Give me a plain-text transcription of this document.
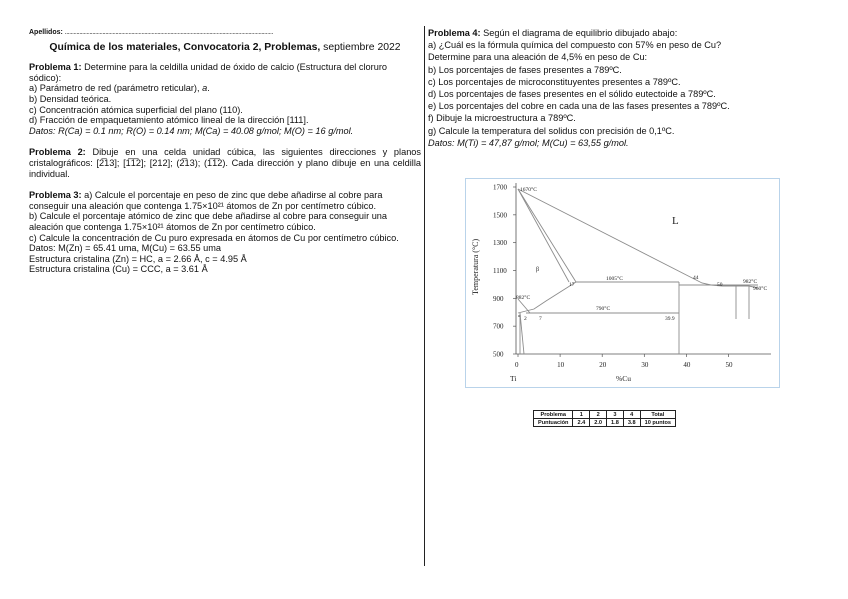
Apellidos: ................................................................................................................................................
Química de los materiales, Convocatoria 2, Problemas, septiembre 2022
Problema 1: Determine para la celdilla unidad de óxido de calcio (Estructura del cloruro sódico):
a) Parámetro de red (parámetro reticular), a.
b) Densidad teórica.
c) Concentración atómica superficial del plano (110).
d) Fracción de empaquetamiento atómico lineal de la dirección [111].
Datos: R(Ca) = 0.1 nm; R(O) = 0.14 nm; M(Ca) = 40.08 g/mol; M(O) = 16 g/mol.
Problema 2: Dibuje en una celda unidad cúbica, las siguientes direcciones y planos cristalográficos: [2̅13]; [1̅1̅2]; [212]; (2̅13); (1̅1̅2). Cada dirección y plano dibuje en una celdilla individual.
Problema 3: a) Calcule el porcentaje en peso de zinc que debe añadirse al cobre para conseguir una aleación que contenga 1.75×10²¹ átomos de Zn por centímetro cúbico.
b) Calcule el porcentaje atómico de zinc que debe añadirse al cobre para conseguir una aleación que contenga 1.75×10²¹ átomos de Zn por centímetro cúbico.
c) Calcule la concentración de Cu puro expresada en átomos de Cu por centímetro cúbico.
Datos: M(Zn) = 65.41 uma, M(Cu) = 63.55 uma
Estructura cristalina (Zn) = HC, a = 2.66 Å, c = 4.95 Å
Estructura cristalina (Cu) = CCC, a = 3.61 Å
Problema 4: Según el diagrama de equilibrio dibujado abajo:
a) ¿Cuál es la fórmula química del compuesto con 57% en peso de Cu?
Determine para una aleación de 4,5% en peso de Cu:
b) Los porcentajes de fases presentes a 789ºC.
c) Los porcentajes de microconstituyentes presentes a 789ºC.
d) Los porcentajes de fases presentes en el sólido eutectoide a 789ºC.
e) Los porcentajes del cobre en cada una de las fases presentes a 789ºC.
f) Dibuje la microestructura a 789ºC.
g) Calcule la temperatura del solidus con precisión de 0,1ºC.
Datos: M(Ti) = 47,87 g/mol; M(Cu) = 63,55 g/mol.
1700
1500
1300
1100
900
700
500
0	10	20	30	40	50
Temperatura (°C)
%Cu
Ti
1670°C
L
β
1005°C
17
44
50	982°C
960°C
882°C
790°C
2 7	39.9
α
Problema	1	2	3	4	Total
Puntuación	2.4	2.0	1.8	3.8	10 puntos
